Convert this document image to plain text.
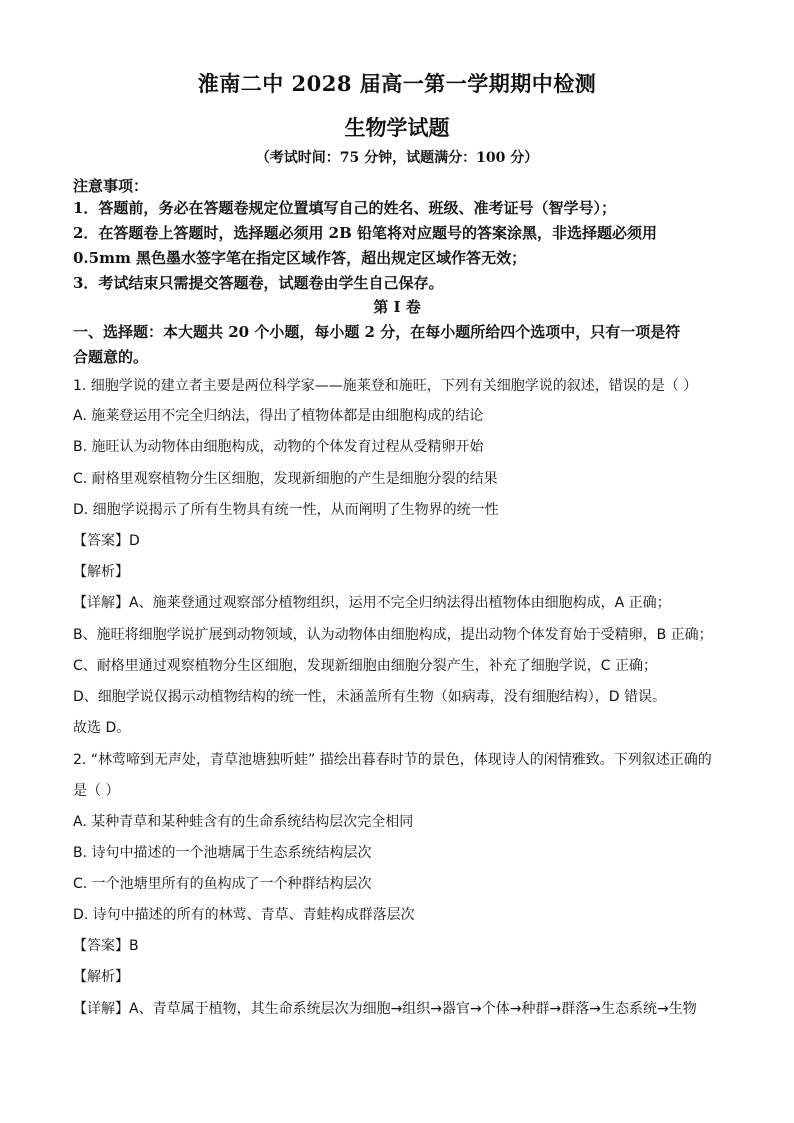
淮南二中 2028 届高一第一学期期中检测
生物学试题
（考试时间：75 分钟，试题满分：100 分）
注意事项：
1．答题前，务必在答题卷规定位置填写自己的姓名、班级、准考证号（智学号）；
2．在答题卷上答题时，选择题必须用 2B 铅笔将对应题号的答案涂黑，非选择题必须用
0.5mm 黑色墨水签字笔在指定区域作答，超出规定区域作答无效；
3．考试结束只需提交答题卷，试题卷由学生自己保存。
第 I 卷
一、选择题：本大题共 20 个小题，每小题 2 分，在每小题所给四个选项中，只有一项是符
合题意的。
1. 细胞学说的建立者主要是两位科学家——施莱登和施旺，下列有关细胞学说的叙述，错误的是（ ）
A. 施莱登运用不完全归纳法，得出了植物体都是由细胞构成的结论
B. 施旺认为动物体由细胞构成，动物的个体发育过程从受精卵开始
C. 耐格里观察植物分生区细胞，发现新细胞的产生是细胞分裂的结果
D. 细胞学说揭示了所有生物具有统一性，从而阐明了生物界的统一性
【答案】D
【解析】
【详解】A、施莱登通过观察部分植物组织，运用不完全归纳法得出植物体由细胞构成，A 正确；
B、施旺将细胞学说扩展到动物领域，认为动物体由细胞构成，提出动物个体发育始于受精卵，B 正确；
C、耐格里通过观察植物分生区细胞，发现新细胞由细胞分裂产生，补充了细胞学说，C 正确；
D、细胞学说仅揭示动植物结构的统一性，未涵盖所有生物（如病毒，没有细胞结构），D 错误。
故选 D。
2. “林莺啼到无声处，青草池塘独听蛙” 描绘出暮春时节的景色，体现诗人的闲情雅致。下列叙述正确的
是（ ）
A. 某种青草和某种蛙含有的生命系统结构层次完全相同
B. 诗句中描述的一个池塘属于生态系统结构层次
C. 一个池塘里所有的鱼构成了一个种群结构层次
D. 诗句中描述的所有的林莺、青草、青蛙构成群落层次
【答案】B
【解析】
【详解】A、青草属于植物，其生命系统层次为细胞→组织→器官→个体→种群→群落→生态系统→生物
